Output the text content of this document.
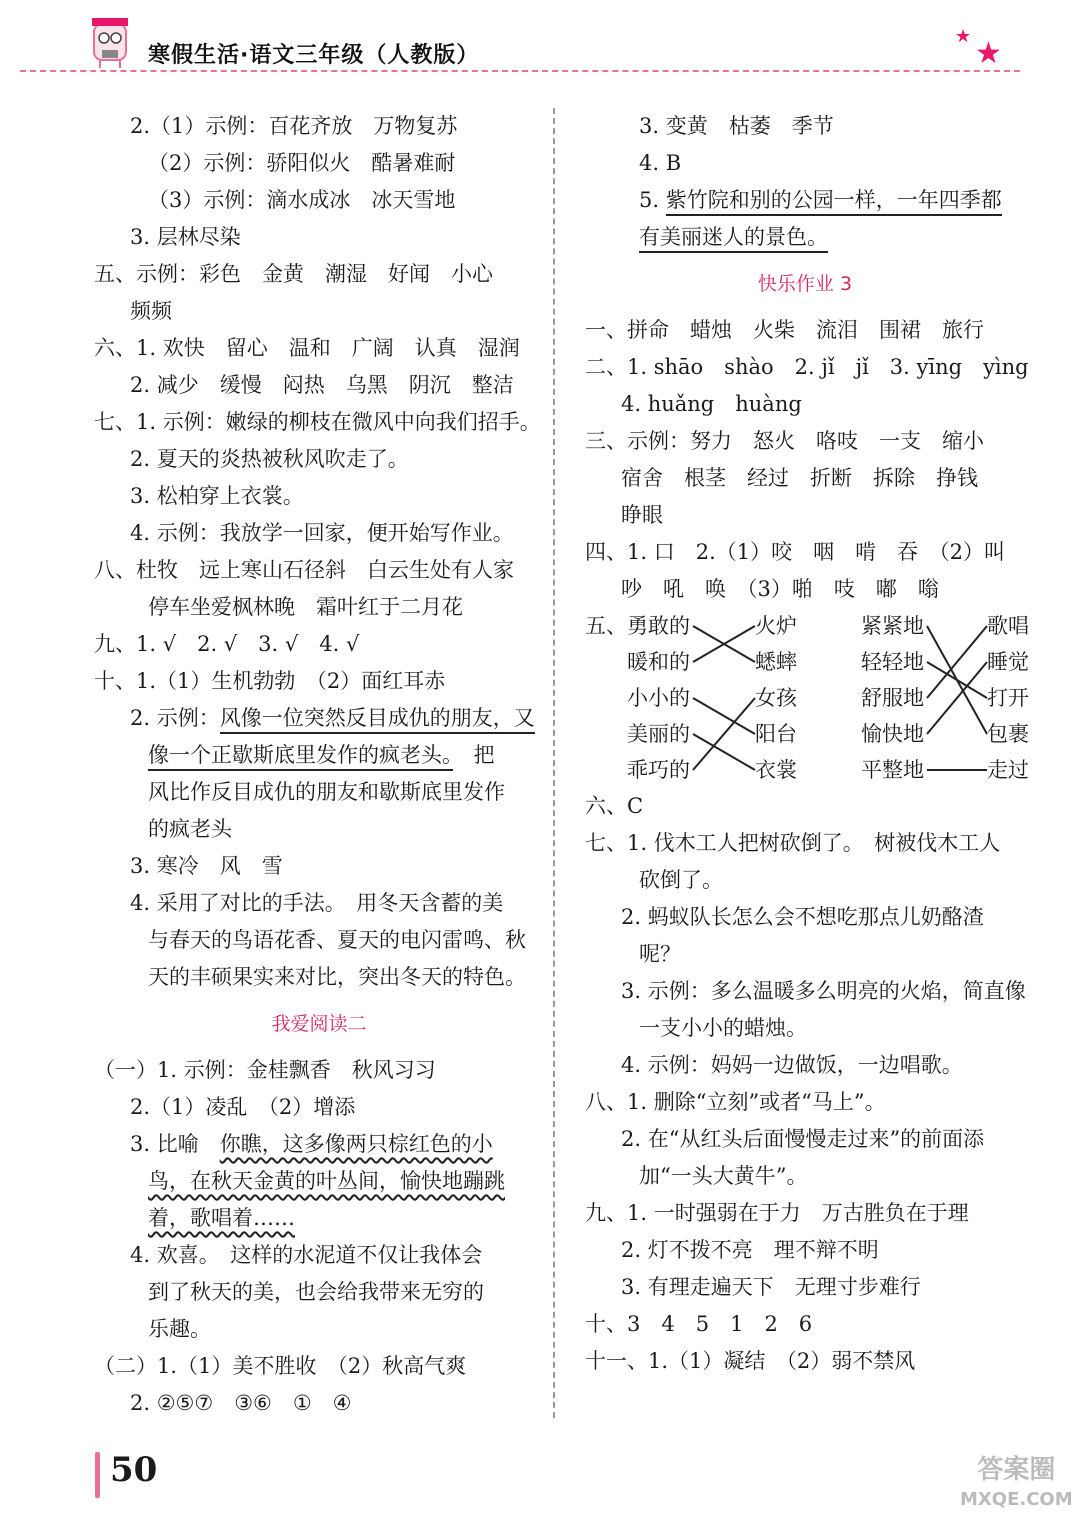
寒假生活·语文三年级（人教版）
★ ★
2.（1）示例：百花齐放　万物复苏
（2）示例：骄阳似火　酷暑难耐
（3）示例：滴水成冰　冰天雪地
3. 层林尽染
五、示例：彩色　金黄　潮湿　好闻　小心
频频
六、1. 欢快　留心　温和　广阔　认真　湿润
2. 减少　缓慢　闷热　乌黑　阴沉　整洁
七、1. 示例：嫩绿的柳枝在微风中向我们招手。
2. 夏天的炎热被秋风吹走了。
3. 松柏穿上衣裳。
4. 示例：我放学一回家，便开始写作业。
八、杜牧　远上寒山石径斜　白云生处有人家
停车坐爱枫林晚　霜叶红于二月花
九、1. √　2. √　3. √　4. √
十、1.（1）生机勃勃　（2）面红耳赤
2. 示例：风像一位突然反目成仇的朋友，又
像一个正歇斯底里发作的疯老头。　把
风比作反目成仇的朋友和歇斯底里发作
的疯老头
3. 寒冷　风　雪
4. 采用了对比的手法。　用冬天含蓄的美
与春天的鸟语花香、夏天的电闪雷鸣、秋
天的丰硕果实来对比，突出冬天的特色。
我爱阅读二
（一）1. 示例：金桂飘香　秋风习习
2.（1）凌乱　（2）增添
3. 比喻　你瞧，这多像两只棕红色的小
鸟，在秋天金黄的叶丛间，愉快地蹦跳
着，歌唱着……
4. 欢喜。　这样的水泥道不仅让我体会
到了秋天的美，也会给我带来无穷的
乐趣。
（二）1.（1）美不胜收　（2）秋高气爽
2. ②⑤⑦　③⑥　①　④
3. 变黄　枯萎　季节
4. B
5. 紫竹院和别的公园一样，一年四季都
有美丽迷人的景色。
快乐作业 3
一、拼命　蜡烛　火柴　流泪　围裙　旅行
二、1. shāo　shào　2. jǐ　jǐ　3. yīng　yìng
4. huǎng　huàng
三、示例：努力　怒火　咯吱　一支　缩小
宿舍　根茎　经过　折断　拆除　挣钱
睁眼
四、1. 口　2.（1）咬　咽　啃　吞　（2）叫
吵　吼　唤　（3）啪　吱　嘟　嗡
五、 勇敢的
暖和的
小小的
美丽的
乖巧的
火炉
蟋蟀
女孩
阳台
衣裳
紧紧地
轻轻地
舒服地
愉快地
平整地
歌唱
睡觉
打开
包裹
走过
六、C
七、1. 伐木工人把树砍倒了。　树被伐木工人
砍倒了。
2. 蚂蚁队长怎么会不想吃那点儿奶酪渣
呢？
3. 示例：多么温暖多么明亮的火焰，简直像
一支小小的蜡烛。
4. 示例：妈妈一边做饭，一边唱歌。
八、1. 删除“立刻”或者“马上”。
2. 在“从红头后面慢慢走过来”的前面添
加“一头大黄牛”。
九、1. 一时强弱在于力　万古胜负在于理
2. 灯不拨不亮　理不辩不明
3. 有理走遍天下　无理寸步难行
十、3　4　5　1　2　6
十一、1.（1）凝结　（2）弱不禁风
50	答案圈
MXQE.COM
